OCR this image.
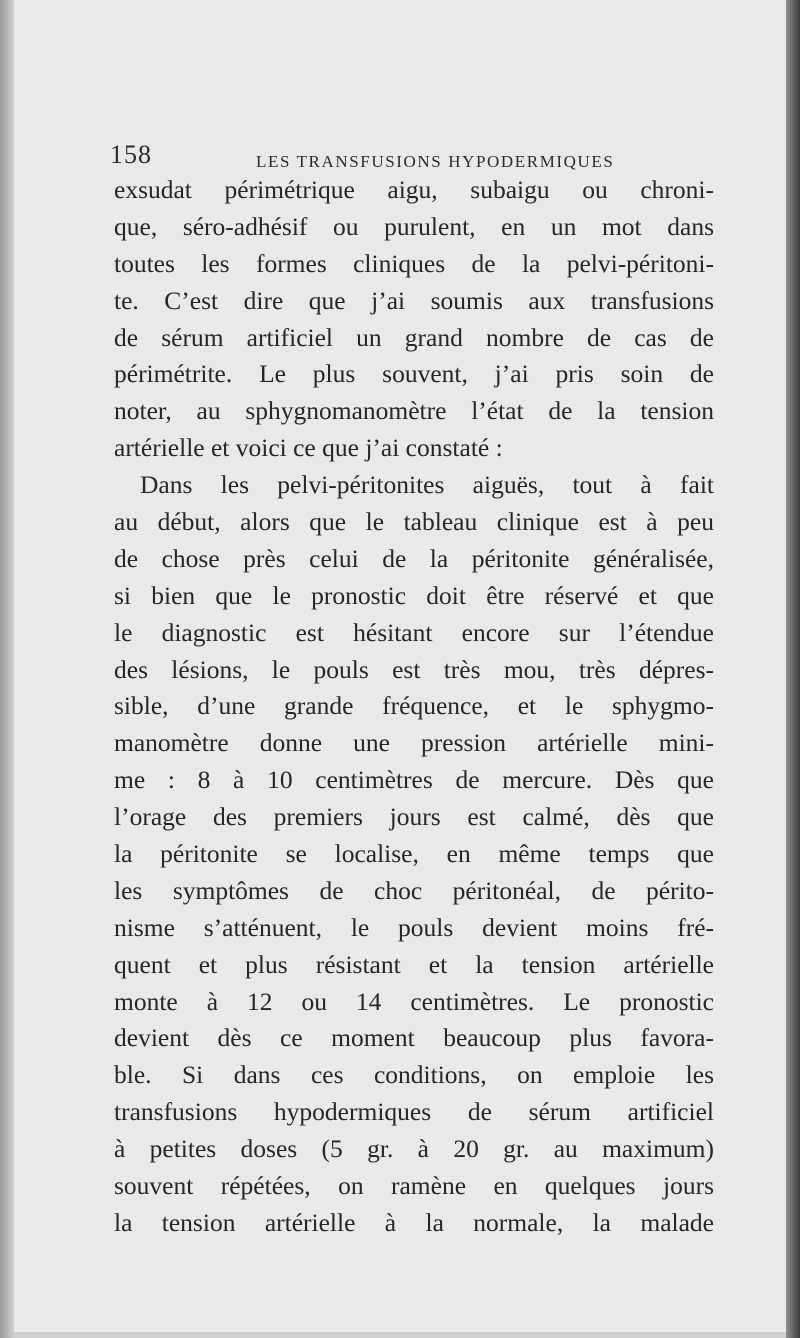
158	LES TRANSFUSIONS HYPODERMIQUES
exsudat périmétrique aigu, subaigu ou chroni-
que, séro-adhésif ou purulent, en un mot dans
toutes les formes cliniques de la pelvi-péritoni-
te. C’est dire que j’ai soumis aux transfusions
de sérum artificiel un grand nombre de cas de
périmétrite. Le plus souvent, j’ai pris soin de
noter, au sphygnomanomètre l’état de la tension
artérielle et voici ce que j’ai constaté :
Dans les pelvi-péritonites aiguës, tout à fait
au début, alors que le tableau clinique est à peu
de chose près celui de la péritonite généralisée,
si bien que le pronostic doit être réservé et que
le diagnostic est hésitant encore sur l’étendue
des lésions, le pouls est très mou, très dépres-
sible, d’une grande fréquence, et le sphygmo-
manomètre donne une pression artérielle mini-
me : 8 à 10 centimètres de mercure. Dès que
l’orage des premiers jours est calmé, dès que
la péritonite se localise, en même temps que
les symptômes de choc péritonéal, de périto-
nisme s’atténuent, le pouls devient moins fré-
quent et plus résistant et la tension artérielle
monte à 12 ou 14 centimètres. Le pronostic
devient dès ce moment beaucoup plus favora-
ble. Si dans ces conditions, on emploie les
transfusions hypodermiques de sérum artificiel
à petites doses (5 gr. à 20 gr. au maximum)
souvent répétées, on ramène en quelques jours
la tension artérielle à la normale, la malade
